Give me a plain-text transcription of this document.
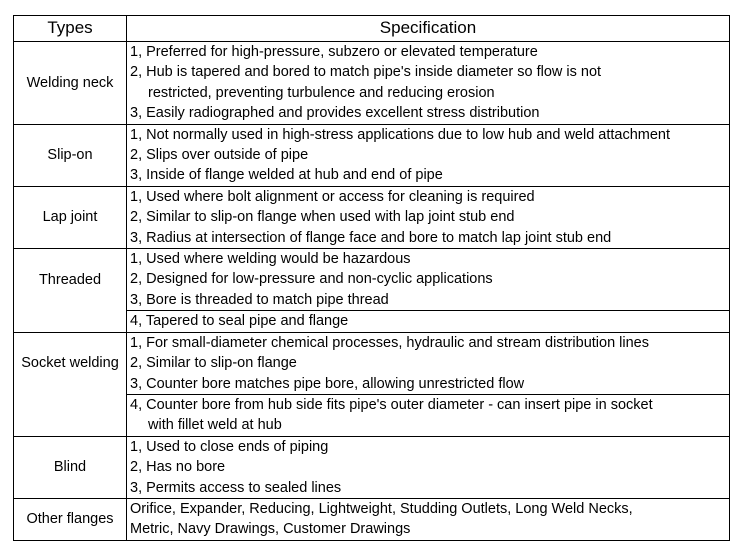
Types	Specification
Welding neck	1, Preferred for high-pressure, subzero or elevated temperature
2, Hub is tapered and bored to match pipe's inside diameter so flow is not
restricted, preventing turbulence and reducing erosion
3, Easily radiographed and provides excellent stress distribution

Slip-on	1, Not normally used in high-stress applications due to low hub and weld attachment
2, Slips over outside of pipe
3, Inside of flange welded at hub and end of pipe

Lap joint	1, Used where bolt alignment or access for cleaning is required
2, Similar to slip-on flange when used with lap joint stub end
3, Radius at intersection of flange face and bore to match lap joint stub end

Threaded	1, Used where welding would be hazardous
2, Designed for low-pressure and non-cyclic applications
3, Bore is threaded to match pipe thread

	4, Tapered to seal pipe and flange

Socket welding	1, For small-diameter chemical processes, hydraulic and stream distribution lines
2, Similar to slip-on flange
3, Counter bore matches pipe bore, allowing unrestricted flow

	4, Counter bore from hub side fits pipe's outer diameter - can insert pipe in socket
with fillet weld at hub

Blind	1, Used to close ends of piping
2, Has no bore
3, Permits access to sealed lines

Other flanges	Orifice, Expander, Reducing, Lightweight, Studding Outlets, Long Weld Necks,
Metric, Navy Drawings, Customer Drawings
